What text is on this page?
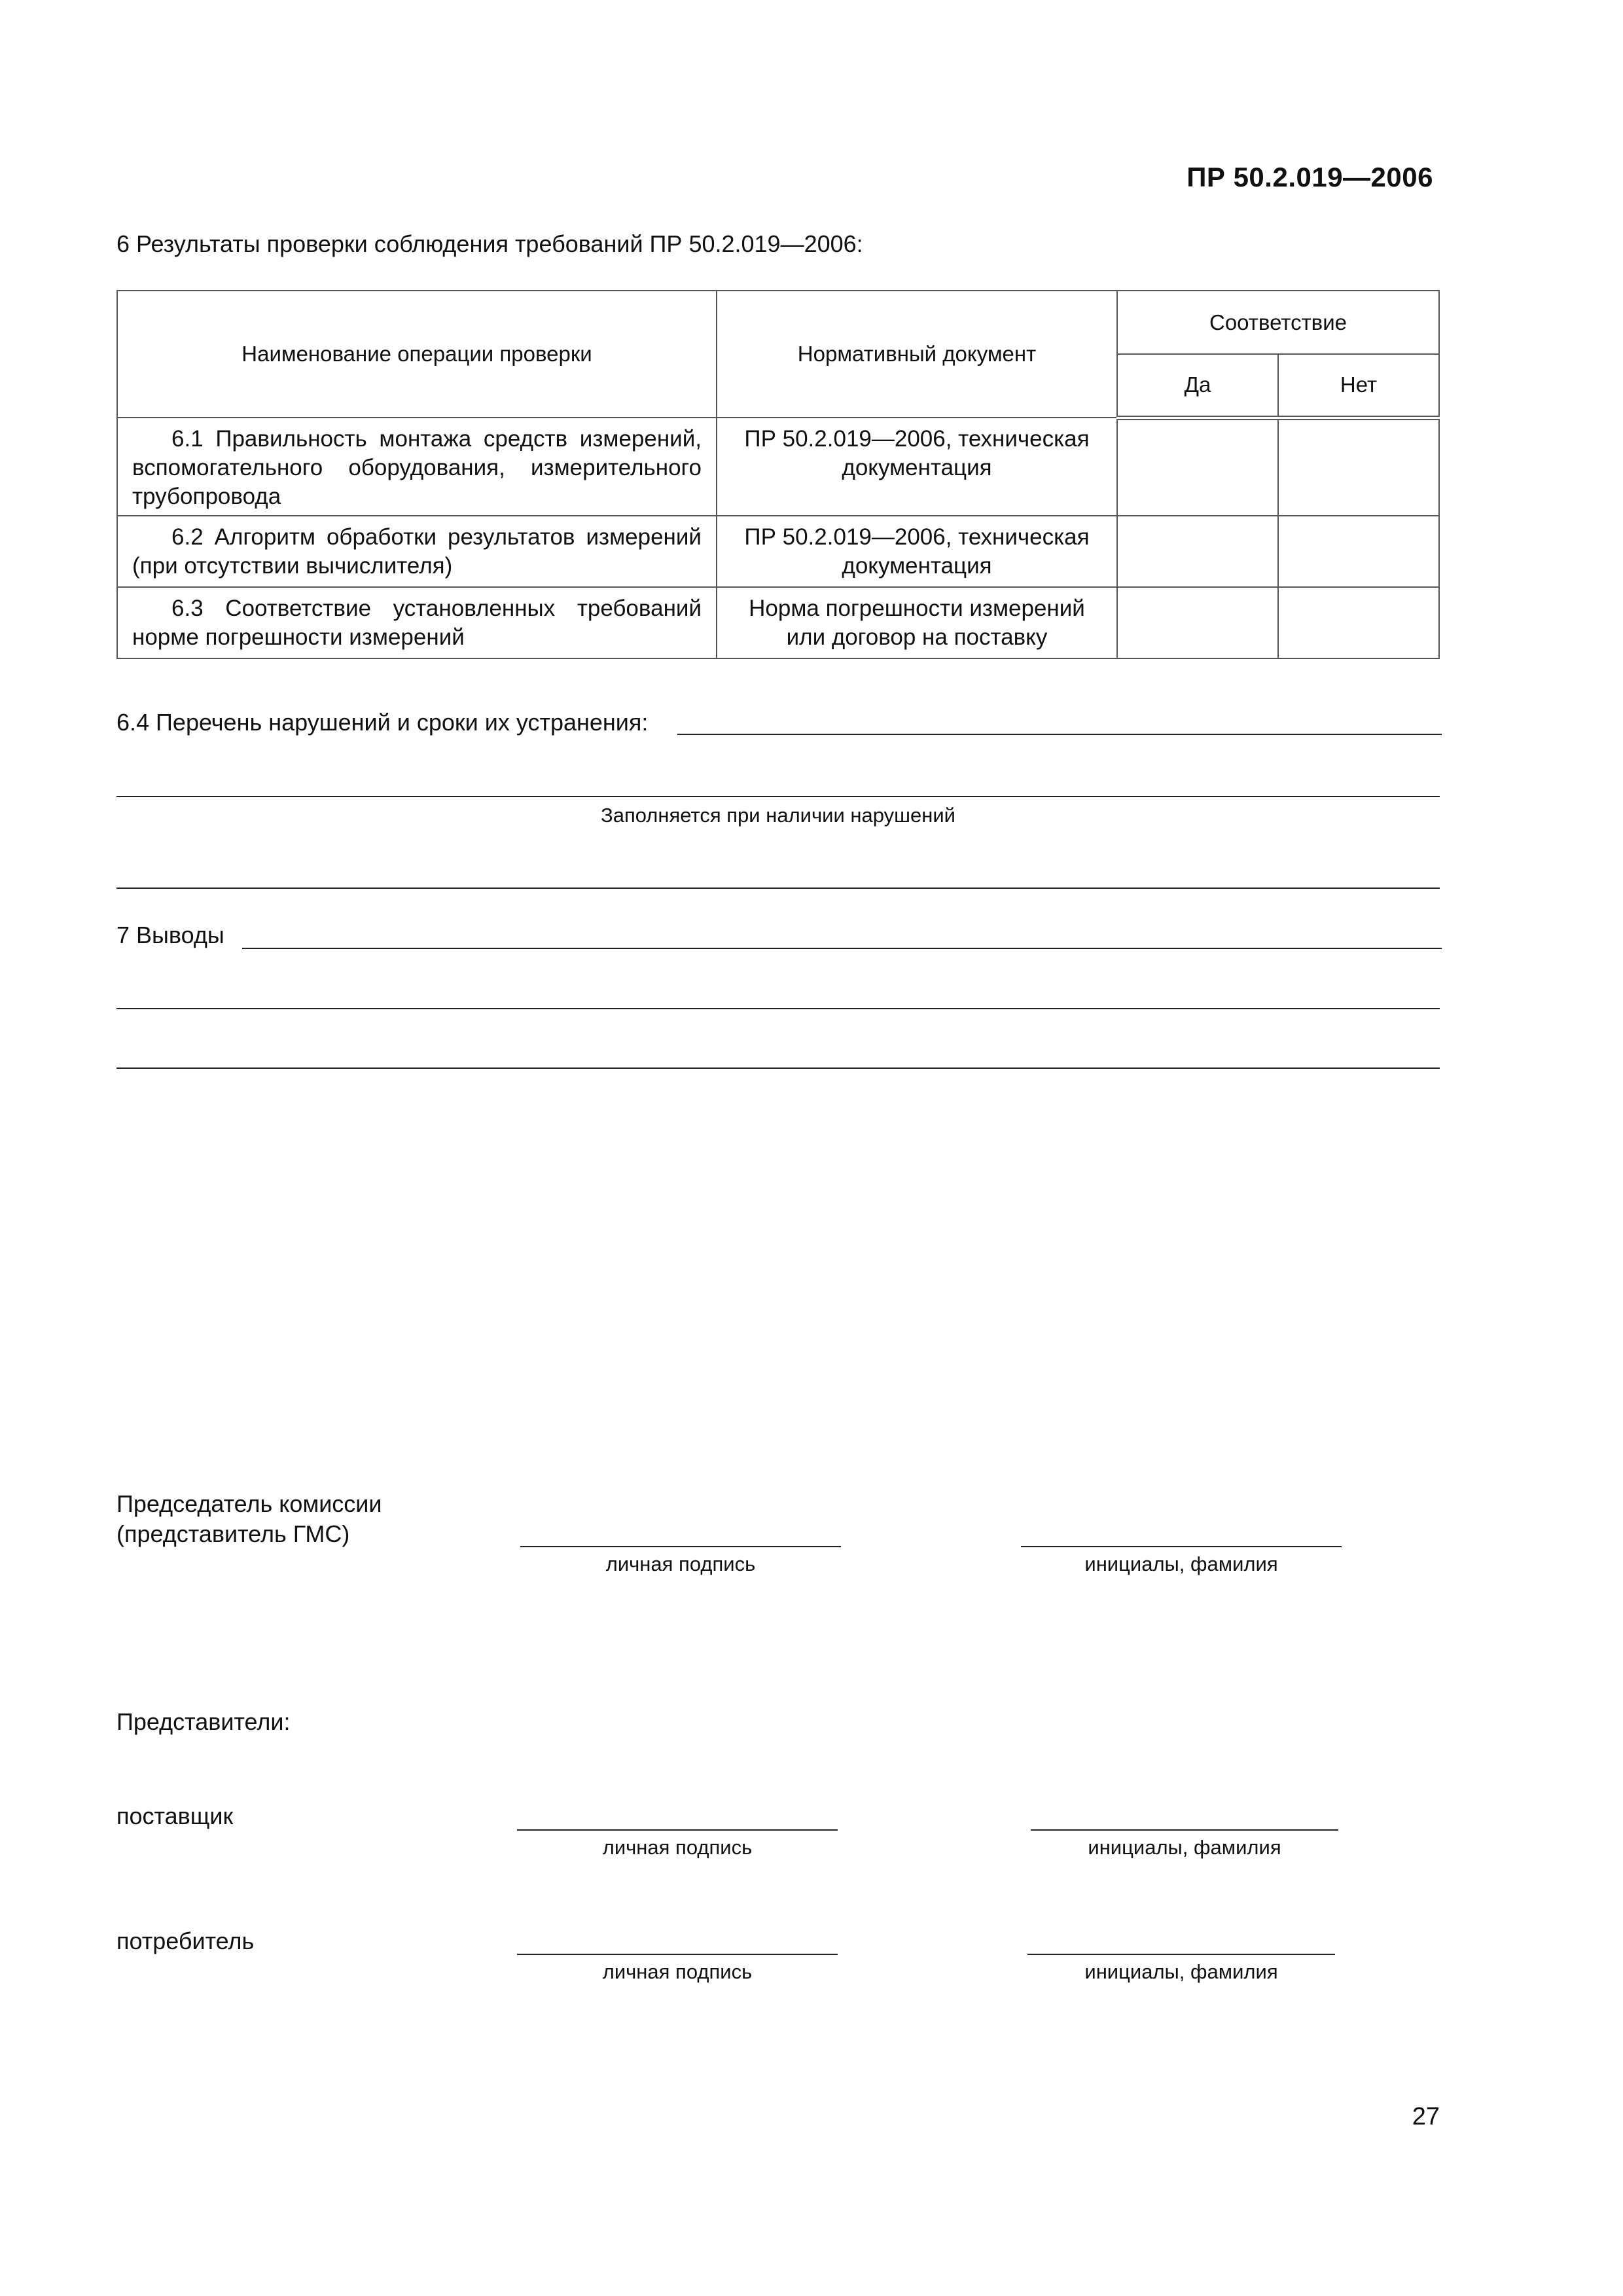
ПР 50.2.019—2006
6 Результаты проверки соблюдения требований ПР 50.2.019—2006:
Наименование операции проверки	Нормативный документ	Соответствие	
		Да	Нет
6.1 Правильность монтажа средств измерений, вспомогательного оборудования, измерительного трубопровода	ПР 50.2.019—2006, техническая документация		
6.2 Алгоритм обработки результатов измерений (при отсутствии вычислителя)	ПР 50.2.019—2006, техническая документация		
6.3 Соответствие установленных требований норме погрешности измерений	Норма погрешности измерений или договор на поставку		
6.4 Перечень нарушений и сроки их устранения:
Заполняется при наличии нарушений
7 Выводы
Председатель комиссии
(представитель ГМС)
личная подпись	инициалы, фамилия
Представители:
поставщик
личная подпись	инициалы, фамилия
потребитель
личная подпись	инициалы, фамилия
27
